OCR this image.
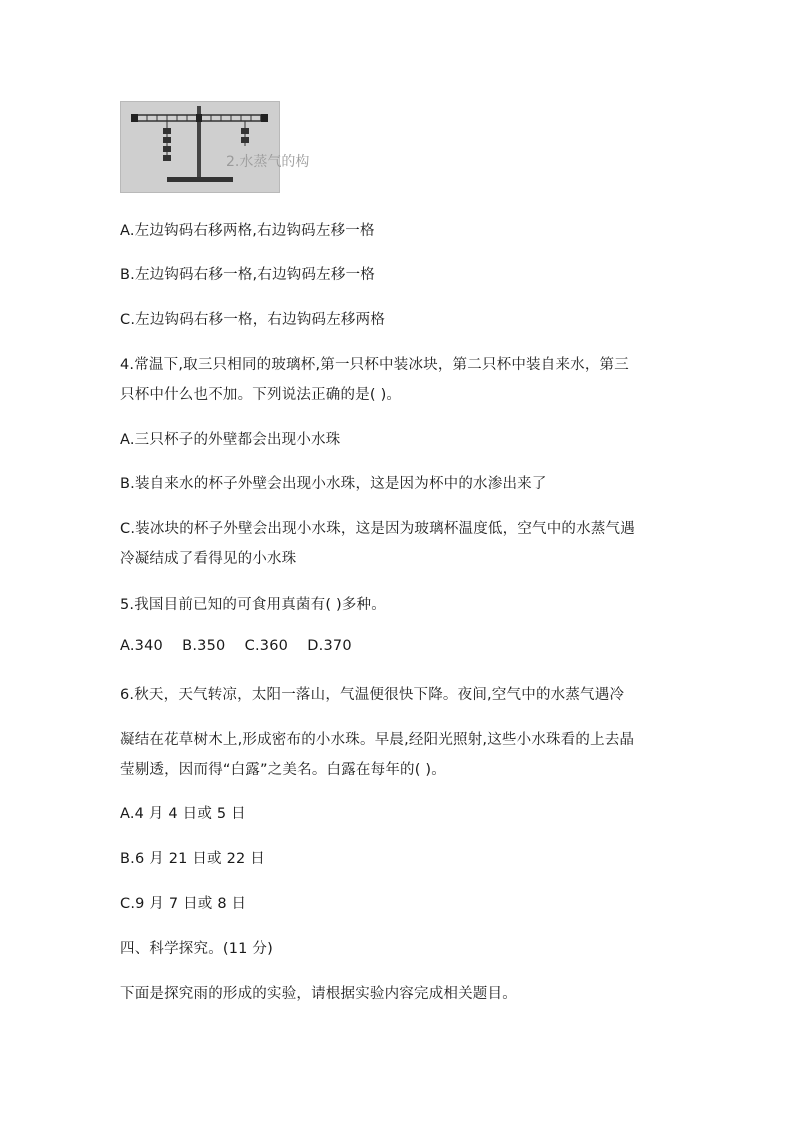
2.水蒸气的构
A.左边钩码右移两格,右边钩码左移一格
B.左边钩码右移一格,右边钩码左移一格
C.左边钩码右移一格，右边钩码左移两格
4.常温下,取三只相同的玻璃杯,第一只杯中装冰块，第二只杯中装自来水，第三
只杯中什么也不加。下列说法正确的是( )。
A.三只杯子的外壁都会出现小水珠
B.装自来水的杯子外壁会出现小水珠，这是因为杯中的水渗出来了
C.装冰块的杯子外壁会出现小水珠，这是因为玻璃杯温度低，空气中的水蒸气遇
冷凝结成了看得见的小水珠
5.我国目前已知的可食用真菌有( )多种。
A.340    B.350    C.360    D.370
6.秋天，天气转凉，太阳一落山，气温便很快下降。夜间,空气中的水蒸气遇冷
凝结在花草树木上,形成密布的小水珠。早晨,经阳光照射,这些小水珠看的上去晶
莹剔透，因而得“白露”之美名。白露在每年的( )。
A.4 月 4 日或 5 日
B.6 月 21 日或 22 日
C.9 月 7 日或 8 日
四、科学探究。(11 分)
下面是探究雨的形成的实验，请根据实验内容完成相关题目。
